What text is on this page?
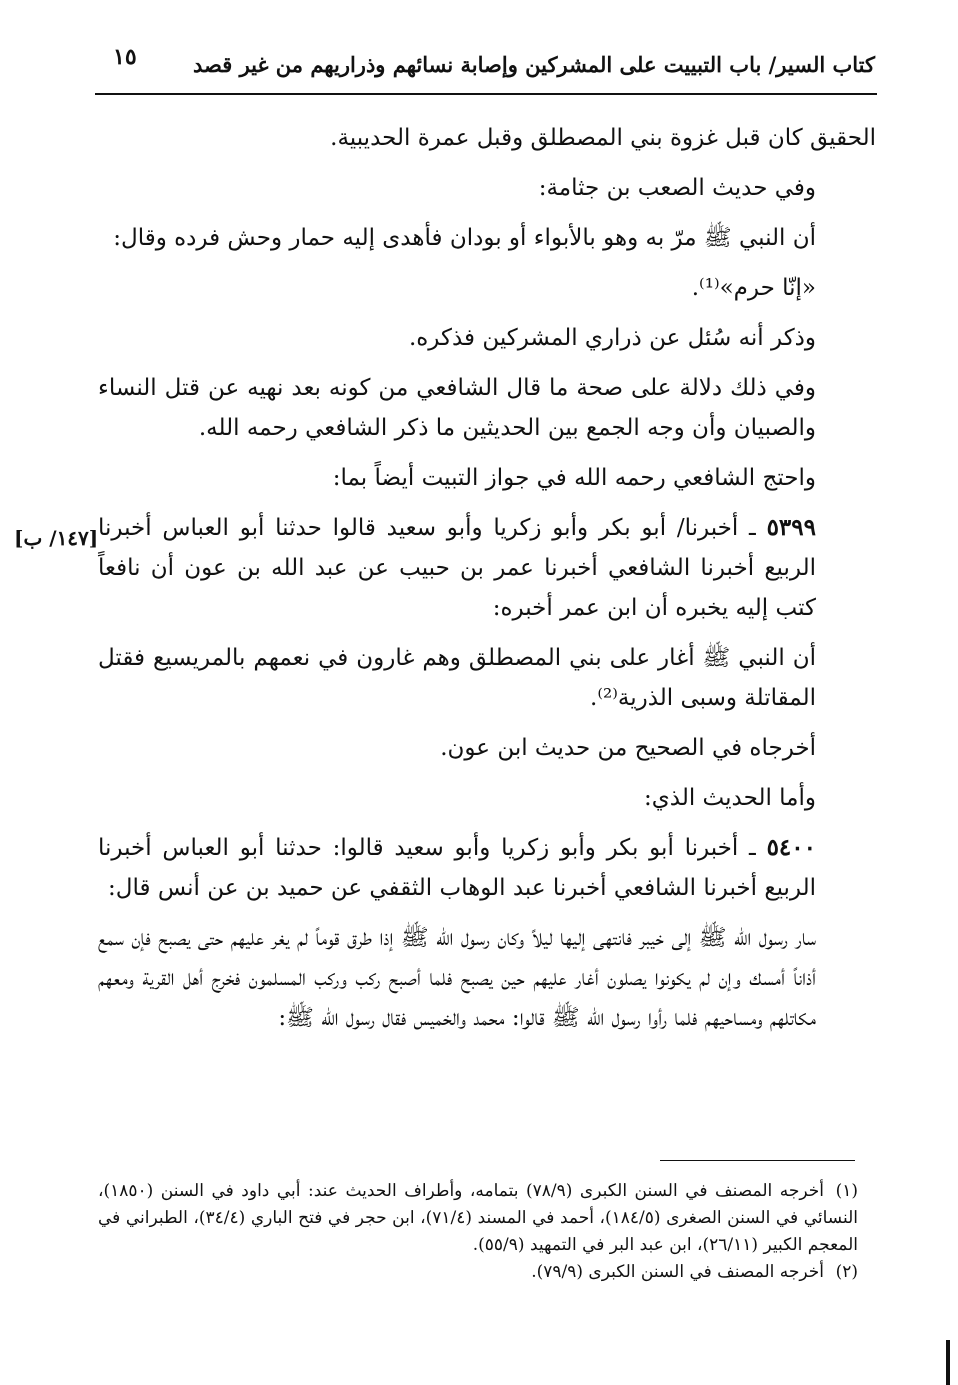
كتاب السير/ باب التبييت على المشركين وإصابة نسائهم وذراريهم من غير قصد
١٥

الحقيق كان قبل غزوة بني المصطلق وقبل عمرة الحديبية.

وفي حديث الصعب بن جثامة:

أن النبي ﷺ مرّ به وهو بالأبواء أو بودان فأهدى إليه حمار وحش فرده وقال:

«إنّا حرم»⁽¹⁾.

وذكر أنه سُئل عن ذراري المشركين فذكره.

وفي ذلك دلالة على صحة ما قال الشافعي من كونه بعد نهيه عن قتل النساء والصبيان وأن وجه الجمع بين الحديثين ما ذكر الشافعي رحمه الله.

واحتج الشافعي رحمه الله في جواز التبيت أيضاً بما:

٥٣٩٩ ـ أخبرنا/ أبو بكر وأبو زكريا وأبو سعيد قالوا حدثنا أبو العباس أخبرنا الربيع أخبرنا الشافعي أخبرنا عمر بن حبيب عن عبد الله بن عون أن نافعاً كتب إليه يخبره أن ابن عمر أخبره:

أن النبي ﷺ أغار على بني المصطلق وهم غارون في نعمهم بالمريسيع فقتل المقاتلة وسبى الذرية⁽²⁾.

أخرجاه في الصحيح من حديث ابن عون.

وأما الحديث الذي:

٥٤٠٠ ـ أخبرنا أبو بكر وأبو زكريا وأبو سعيد قالوا: حدثنا أبو العباس أخبرنا الربيع أخبرنا الشافعي أخبرنا عبد الوهاب الثقفي عن حميد بن عن أنس قال:

سار رسول الله ﷺ إلى خيبر فانتهى إليها ليلاً وكان رسول الله ﷺ إذا طرق قوماً لم يغر عليهم حتى يصبح فإن سمع أذاناً أمسك وإن لم يكونوا يصلون أغار عليهم حين يصبح فلما أصبح ركب وركب المسلمون فخرج أهل القرية ومعهم مكاتلهم ومساحيهم فلما رأوا رسول الله ﷺ قالوا: محمد والخميس فقال رسول الله ﷺ:

[١٤٧/ ب]

(١)أخرجه المصنف في السنن الكبرى (٧٨/٩) بتمامه، وأطراف الحديث عند: أبي داود في السنن (١٨٥٠)، النسائي في السنن الصغرى (١٨٤/٥)، أحمد في المسند (٧١/٤)، ابن حجر في فتح الباري (٣٤/٤)، الطبراني في المعجم الكبير (٢٦/١١)، ابن عبد البر في التمهيد (٥٥/٩).

(٢)أخرجه المصنف في السنن الكبرى (٧٩/٩).
